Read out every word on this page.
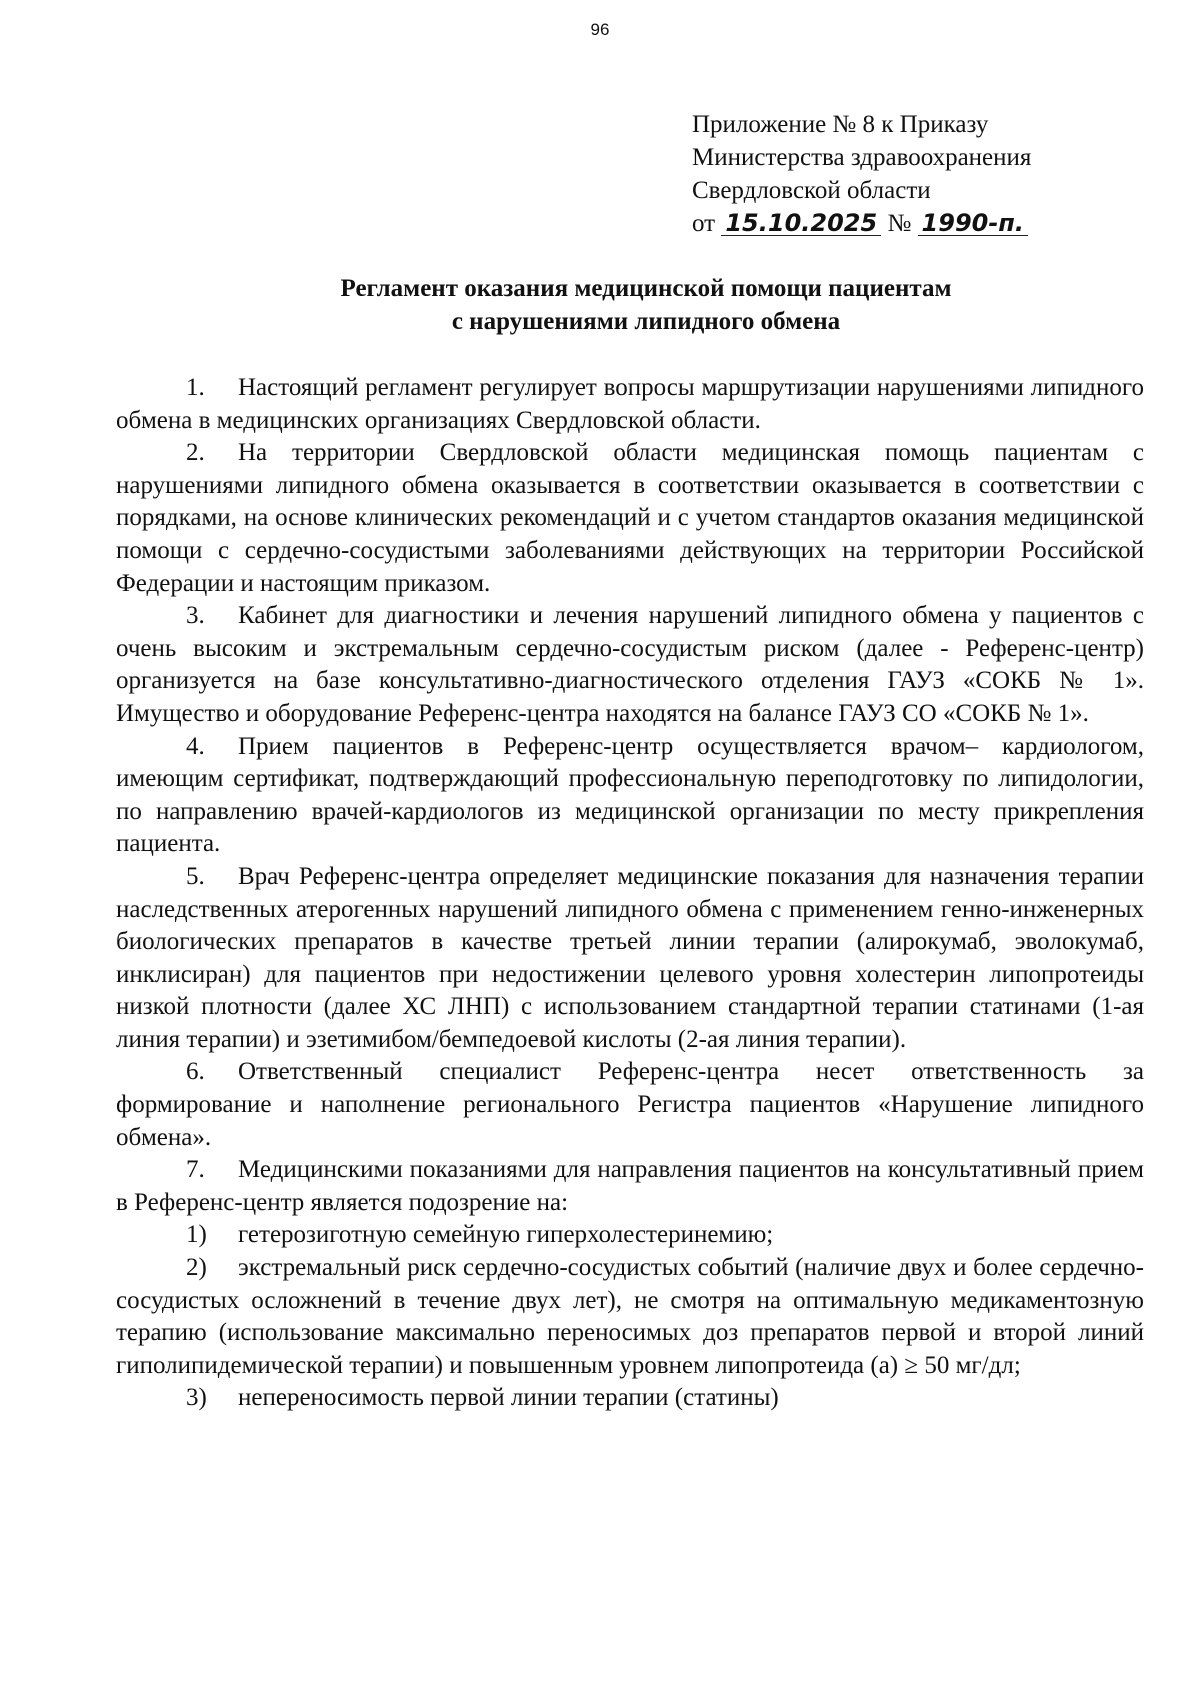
96
Приложение № 8 к Приказу
Министерства здравоохранения
Свердловской области
от 15.10.2025 № 1990-п.
Регламент оказания медицинской помощи пациентам
с нарушениями липидного обмена

1. Настоящий регламент регулирует вопросы маршрутизации нарушениями липидного обмена в медицинских организациях Свердловской области.

2. На территории Свердловской области медицинская помощь пациентам с нарушениями липидного обмена оказывается в соответствии оказывается в соответствии с порядками, на основе клинических рекомендаций и с учетом стандартов оказания медицинской помощи с сердечно-сосудистыми заболеваниями действующих на территории Российской Федерации и настоящим приказом.

3. Кабинет для диагностики и лечения нарушений липидного обмена у пациентов с очень высоким и экстремальным сердечно-сосудистым риском (далее - Референс-центр) организуется на базе консультативно-диагностического отделения ГАУЗ «СОКБ № 1». Имущество и оборудование Референс-центра находятся на балансе ГАУЗ СО «СОКБ № 1».

4. Прием пациентов в Референс-центр осуществляется врачом– кардиологом, имеющим сертификат, подтверждающий профессиональную переподготовку по липидологии, по направлению врачей-кардиологов из медицинской организации по месту прикрепления пациента.

5. Врач Референс-центра определяет медицинские показания для назначения терапии наследственных атерогенных нарушений липидного обмена с применением генно-инженерных биологических препаратов в качестве третьей линии терапии (алирокумаб, эволокумаб, инклисиран) для пациентов при недостижении целевого уровня холестерин липопротеиды низкой плотности (далее ХС ЛНП) с использованием стандартной терапии статинами (1-ая линия терапии) и эзетимибом/бемпедоевой кислоты (2-ая линия терапии).

6. Ответственный специалист Референс-центра несет ответственность за формирование и наполнение регионального Регистра пациентов «Нарушение липидного обмена».

7. Медицинскими показаниями для направления пациентов на консультативный прием в Референс-центр является подозрение на:

1) гетерозиготную семейную гиперхолестеринемию;

2) экстремальный риск сердечно-сосудистых событий (наличие двух и более сердечно-сосудистых осложнений в течение двух лет), не смотря на оптимальную медикаментозную терапию (использование максимально переносимых доз препаратов первой и второй линий гиполипидемической терапии) и повышенным уровнем липопротеида (а) ≥ 50 мг/дл;

3) непереносимость первой линии терапии (статины)
